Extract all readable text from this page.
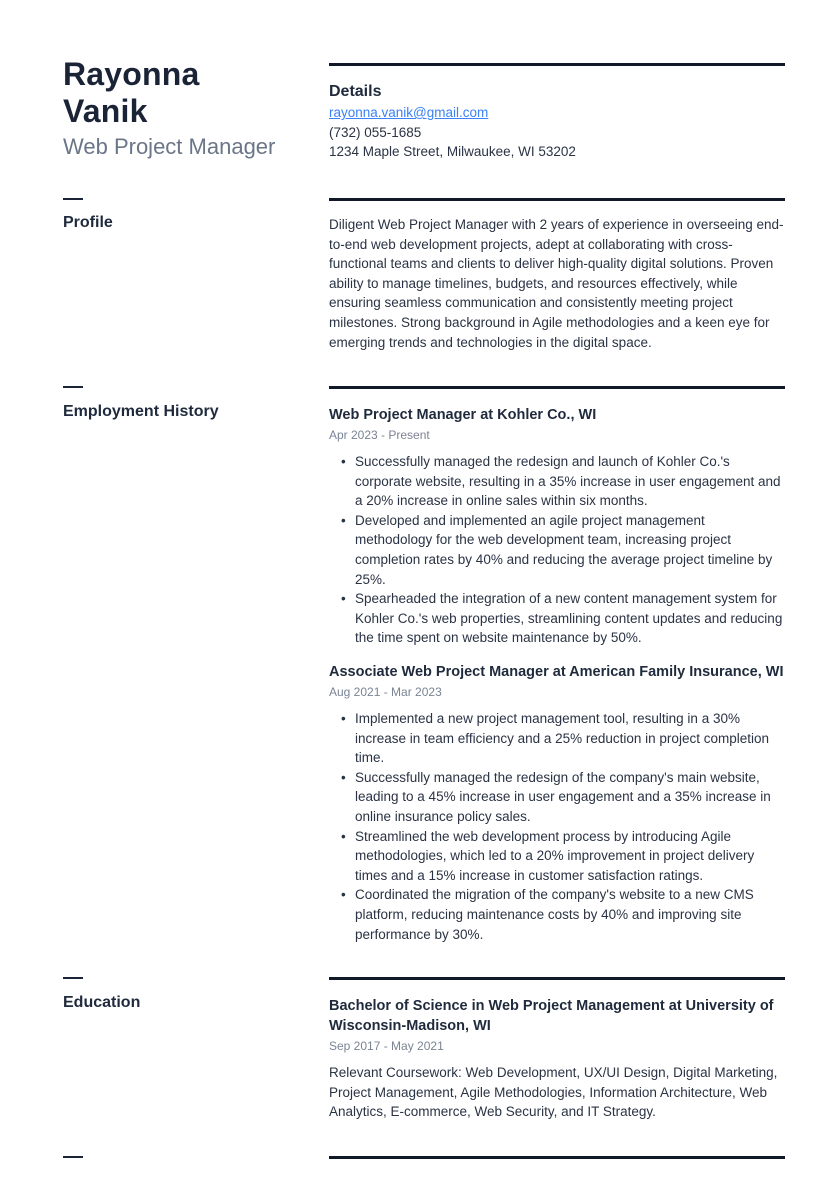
Rayonna
Vanik
Web Project Manager
Details
rayonna.vanik@gmail.com
(732) 055-1685
1234 Maple Street, Milwaukee, WI 53202
Profile	Diligent Web Project Manager with 2 years of experience in overseeing end-to-end web development projects, adept at collaborating with cross-functional teams and clients to deliver high-quality digital solutions. Proven ability to manage timelines, budgets, and resources effectively, while ensuring seamless communication and consistently meeting project milestones. Strong background in Agile methodologies and a keen eye for emerging trends and technologies in the digital space.
Employment History	Web Project Manager at Kohler Co., WI
Apr 2023 - Present
• Successfully managed the redesign and launch of Kohler Co.'s corporate website, resulting in a 35% increase in user engagement and a 20% increase in online sales within six months.
• Developed and implemented an agile project management methodology for the web development team, increasing project completion rates by 40% and reducing the average project timeline by 25%.
• Spearheaded the integration of a new content management system for Kohler Co.'s web properties, streamlining content updates and reducing the time spent on website maintenance by 50%.
Associate Web Project Manager at American Family Insurance, WI
Aug 2021 - Mar 2023
• Implemented a new project management tool, resulting in a 30% increase in team efficiency and a 25% reduction in project completion time.
• Successfully managed the redesign of the company's main website, leading to a 45% increase in user engagement and a 35% increase in online insurance policy sales.
• Streamlined the web development process by introducing Agile methodologies, which led to a 20% improvement in project delivery times and a 15% increase in customer satisfaction ratings.
• Coordinated the migration of the company's website to a new CMS platform, reducing maintenance costs by 40% and improving site performance by 30%.
Education	Bachelor of Science in Web Project Management at University of Wisconsin-Madison, WI
Sep 2017 - May 2021
Relevant Coursework: Web Development, UX/UI Design, Digital Marketing, Project Management, Agile Methodologies, Information Architecture, Web Analytics, E-commerce, Web Security, and IT Strategy.
